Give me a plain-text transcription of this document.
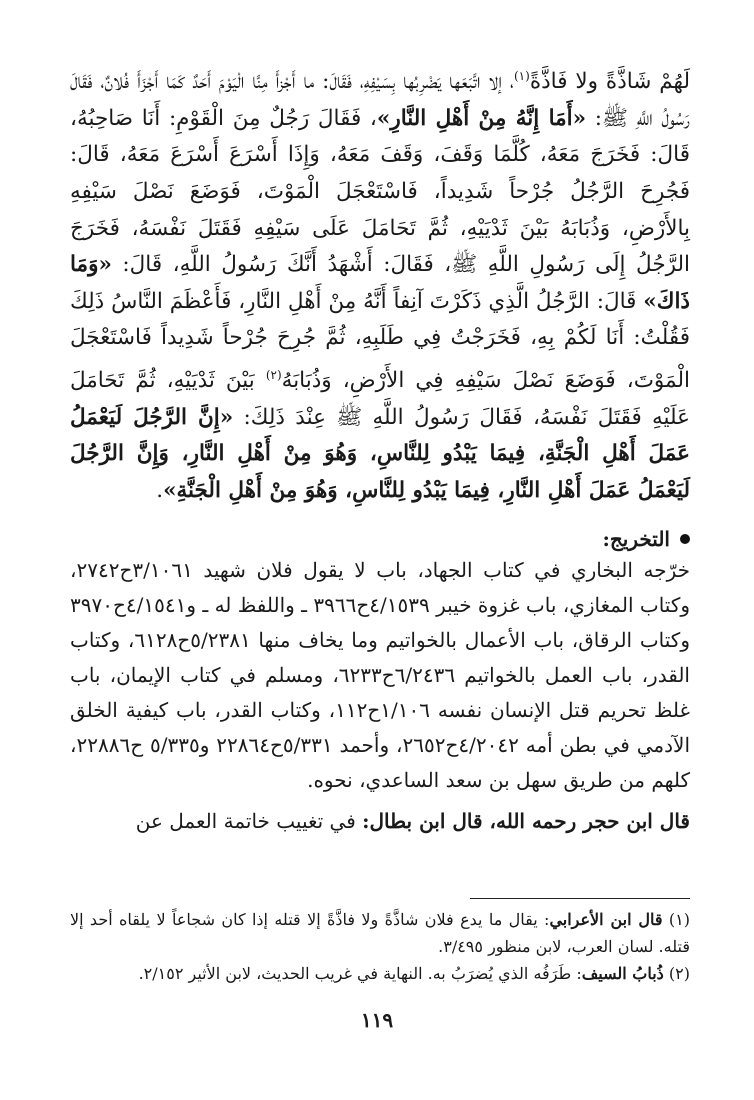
لَهُمْ شَاذَّةً ولا فَاذَّةً$^{(١)}$، إلا اتَّبَعَها يَضْرِبُها بِسَيْفِهِ، فَقَالَ: ما أَجْزأَ مِنَّا الْيَوْمَ أَحَدٌ كَمَا أَجْزَأَ فُلانٌ، فَقَالَ رَسُولُ اللَّهِ ﷺ: «أَمَا إِنَّهُ مِنْ أَهْلِ النَّارِ»، فَقَالَ رَجُلٌ مِنَ الْقَوْمِ: أَنَا صَاحِبُهُ، قَالَ: فَخَرَجَ مَعَهُ، كُلَّمَا وَقَفَ، وَقَفَ مَعَهُ، وَإِذَا أَسْرَعَ أَسْرَعَ مَعَهُ، قَالَ: فَجُرِحَ الرَّجُلُ جُرْحاً شَدِيداً، فَاسْتَعْجَلَ الْمَوْتَ، فَوَضَعَ نَصْلَ سَيْفِهِ بِالأَرْضِ، وَذُبَابَهُ بَيْنَ ثَدْيَيْهِ، ثُمَّ تَحَامَلَ عَلَى سَيْفِهِ فَقَتَلَ نَفْسَهُ، فَخَرَجَ الرَّجُلُ إِلَى رَسُولِ اللَّهِ ﷺ، فَقَالَ: أَشْهَدُ أَنَّكَ رَسُولُ اللَّهِ، قَالَ: «وَمَا ذَاكَ» قَالَ: الرَّجُلُ الَّذِي ذَكَرْتَ آنِفاً أَنَّهُ مِنْ أَهْلِ النَّارِ، فَأَعْظَمَ النَّاسُ ذَلِكَ فَقُلْتُ: أَنَا لَكُمْ بِهِ، فَخَرَجْتُ فِي طَلَبِهِ، ثُمَّ جُرِحَ جُرْحاً شَدِيداً فَاسْتَعْجَلَ الْمَوْتَ، فَوَضَعَ نَصْلَ سَيْفِهِ فِي الأَرْضِ، وَذُبَابَهُ$^{(٢)}$ بَيْنَ ثَدْيَيْهِ، ثُمَّ تَحَامَلَ عَلَيْهِ فَقَتَلَ نَفْسَهُ، فَقَالَ رَسُولُ اللَّهِ ﷺ عِنْدَ ذَلِكَ: «إِنَّ الرَّجُلَ لَيَعْمَلُ عَمَلَ أَهْلِ الْجَنَّةِ، فِيمَا يَبْدُو لِلنَّاسِ، وَهُوَ مِنْ أَهْلِ النَّارِ، وَإِنَّ الرَّجُلَ لَيَعْمَلُ عَمَلَ أَهْلِ النَّارِ، فِيمَا يَبْدُو لِلنَّاسِ، وَهُوَ مِنْ أَهْلِ الْجَنَّةِ».

التخريج:

خرّجه البخاري في كتاب الجهاد، باب لا يقول فلان شهيد ٣/١٠٦١ح٢٧٤٢، وكتاب المغازي، باب غزوة خيبر ٤/١٥٣٩ح٣٩٦٦ ـ واللفظ له ـ و٤/١٥٤١ح٣٩٧٠ وكتاب الرقاق، باب الأعمال بالخواتيم وما يخاف منها ٥/٢٣٨١ح٦١٢٨، وكتاب القدر، باب العمل بالخواتيم ٦/٢٤٣٦ح٦٢٣٣، ومسلم في كتاب الإيمان، باب غلظ تحريم قتل الإنسان نفسه ١/١٠٦ح١١٢، وكتاب القدر، باب كيفية الخلق الآدمي في بطن أمه ٤/٢٠٤٢ح٢٦٥٢، وأحمد ٥/٣٣١ح٢٢٨٦٤ و٥/٣٣٥ ح٢٢٨٨٦، كلهم من طريق سهل بن سعد الساعدي، نحوه.

قال ابن حجر رحمه الله، قال ابن بطال: في تغييب خاتمة العمل عن

(١) قال ابن الأعرابي: يقال ما يدع فلان شاذَّةً ولا فاذَّةً إلا قتله إذا كان شجاعاً لا يلقاه أحد إلا قتله. لسان العرب، لابن منظور ٣/٤٩٥.

(٢) ذُبابُ السيف: طَرَفُه الذي يُضرَبُ به. النهاية في غريب الحديث، لابن الأثير ٢/١٥٢.

١١٩
